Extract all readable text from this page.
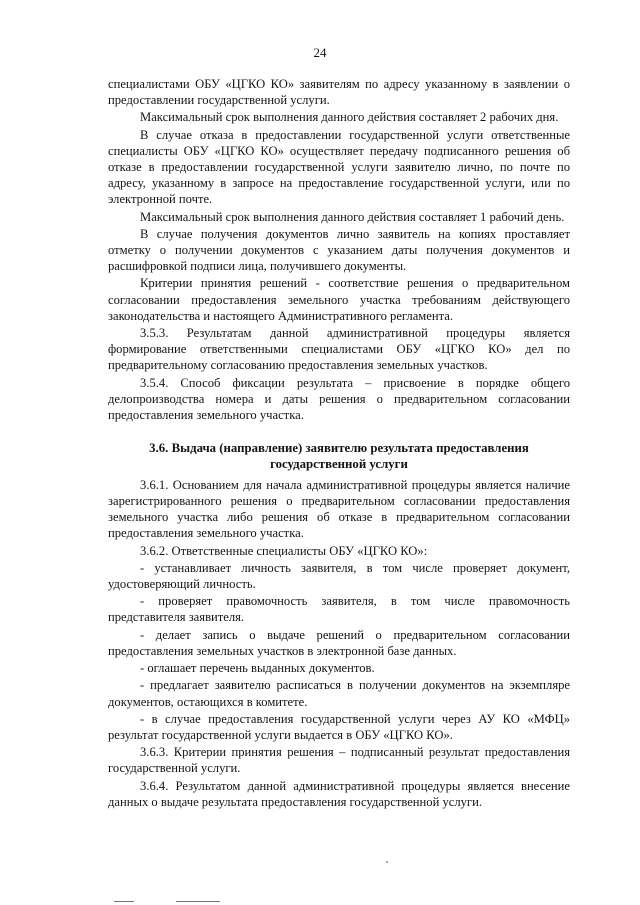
24

специалистами ОБУ «ЦГКО КО» заявителям по адресу указанному в заявлении о предоставлении государственной услуги.

Максимальный срок выполнения данного действия составляет 2 рабочих дня.

В случае отказа в предоставлении государственной услуги ответственные специалисты ОБУ «ЦГКО КО» осуществляет передачу подписанного решения об отказе в предоставлении государственной услуги заявителю лично, по почте по адресу, указанному в запросе на предоставление государственной услуги, или по электронной почте.

Максимальный срок выполнения данного действия составляет 1 рабочий день.

В случае получения документов лично заявитель на копиях проставляет отметку о получении документов с указанием даты получения документов и расшифровкой подписи лица, получившего документы.

Критерии принятия решений - соответствие решения о предварительном согласовании предоставления земельного участка требованиям действующего законодательства и настоящего Административного регламента.

3.5.3. Результатам данной административной процедуры является формирование ответственными специалистами ОБУ «ЦГКО КО» дел по предварительному согласованию предоставления земельных участков.

3.5.4. Способ фиксации результата – присвоение в порядке общего делопроизводства номера и даты решения о предварительном согласовании предоставления земельного участка.

3.6. Выдача (направление) заявителю результата предоставления государственной услуги

3.6.1. Основанием для начала административной процедуры является наличие зарегистрированного решения о предварительном согласовании предоставления земельного участка либо решения об отказе в предварительном согласовании предоставления земельного участка.

3.6.2. Ответственные специалисты ОБУ «ЦГКО КО»:

- устанавливает личность заявителя, в том числе проверяет документ, удостоверяющий личность.

- проверяет правомочность заявителя, в том числе правомочность представителя заявителя.

- делает запись о выдаче решений о предварительном согласовании предоставления земельных участков в электронной базе данных.

- оглашает перечень выданных документов.

- предлагает заявителю расписаться в получении документов на экземпляре документов, остающихся в комитете.

- в случае предоставления государственной услуги через АУ КО «МФЦ» результат государственной услуги выдается в ОБУ «ЦГКО КО».

3.6.3. Критерии принятия решения – подписанный результат предоставления государственной услуги.

3.6.4. Результатом данной административной процедуры является внесение данных о выдаче результата предоставления государственной услуги.
